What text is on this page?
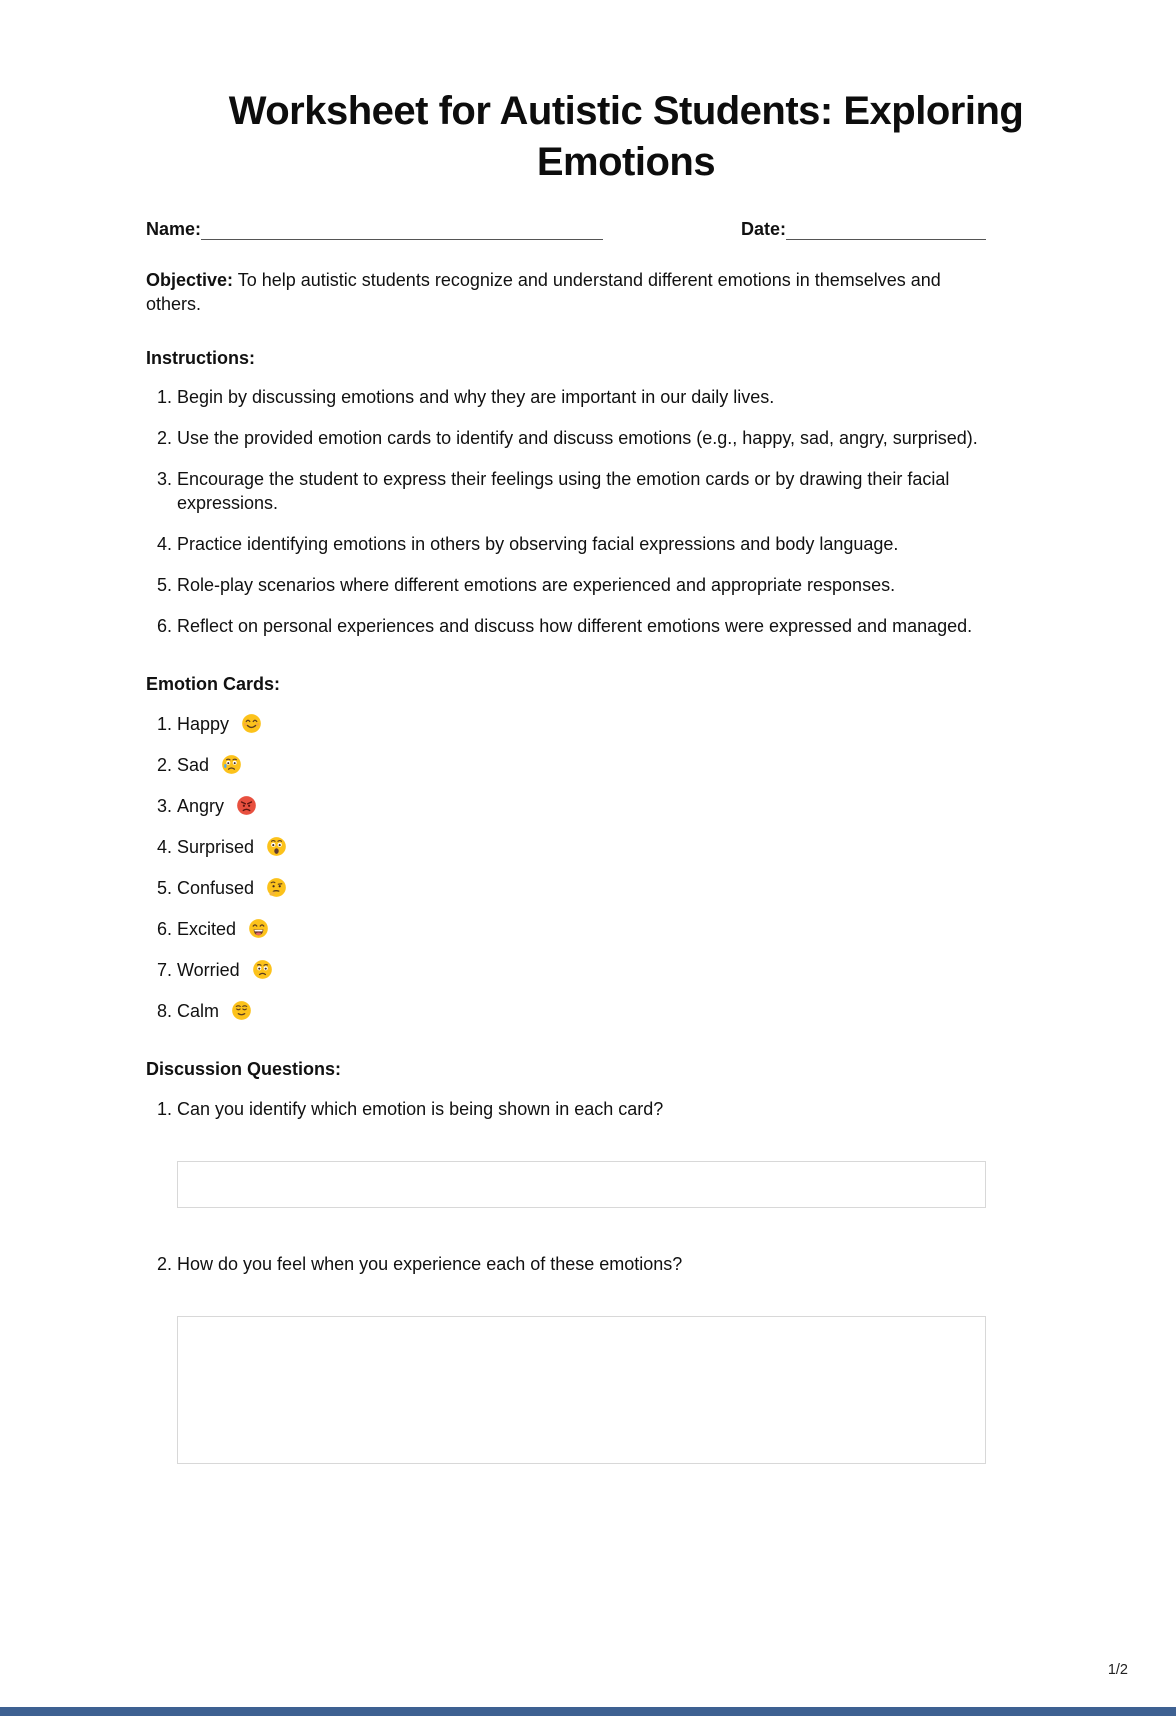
Worksheet for Autistic Students: Exploring Emotions
Name:	Date:

Objective: To help autistic students recognize and understand different emotions in themselves and others.

Instructions:
1. Begin by discussing emotions and why they are important in our daily lives.
2. Use the provided emotion cards to identify and discuss emotions (e.g., happy, sad, angry, surprised).
3. Encourage the student to express their feelings using the emotion cards or by drawing their facial expressions.
4. Practice identifying emotions in others by observing facial expressions and body language.
5. Role-play scenarios where different emotions are experienced and appropriate responses.
6. Reflect on personal experiences and discuss how different emotions were expressed and managed.
Emotion Cards:
1. Happy
2. Sad
3. Angry
4. Surprised
5. Confused
6. Excited
7. Worried
8. Calm
Discussion Questions:
1. Can you identify which emotion is being shown in each card?
2. How do you feel when you experience each of these emotions?
1/2
